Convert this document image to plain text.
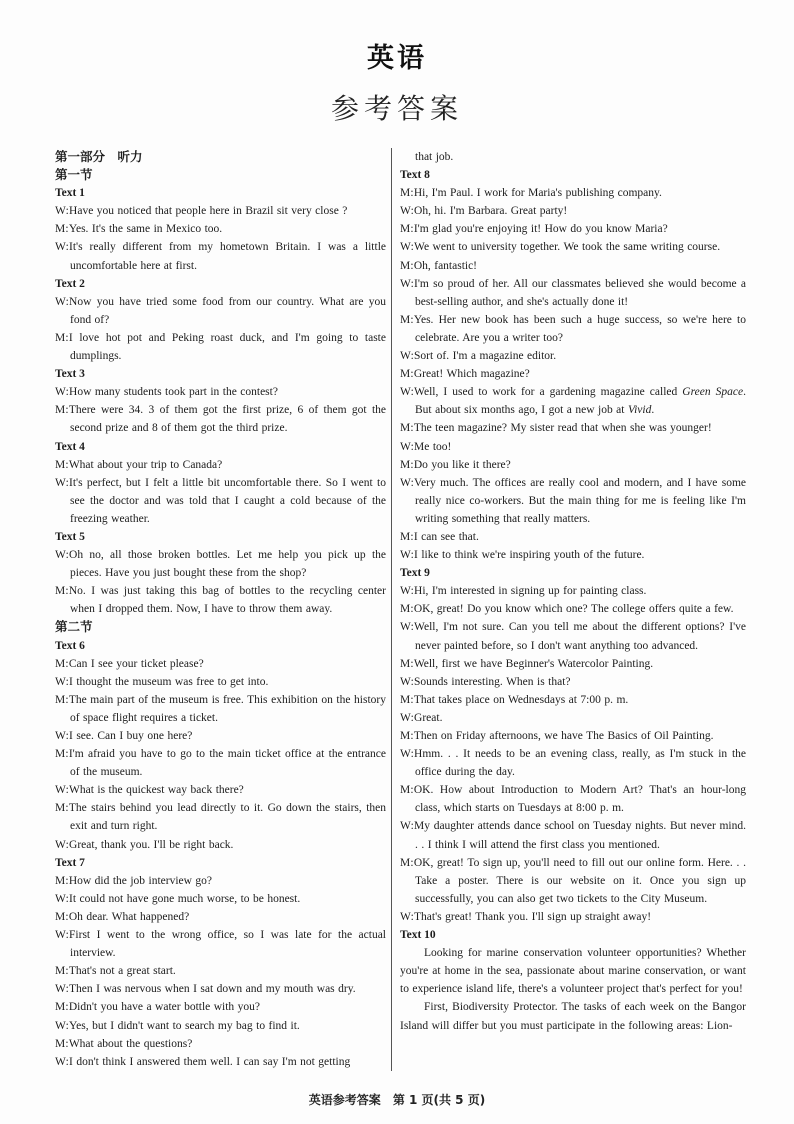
英语
参考答案
第一部分　听力
第一节
Text 1
W:Have you noticed that people here in Brazil sit very close ?
M:Yes. It's the same in Mexico too.
W:It's really different from my hometown Britain. I was a little uncomfortable here at first.
Text 2
W:Now you have tried some food from our country. What are you fond of?
M:I love hot pot and Peking roast duck, and I'm going to taste dumplings.
Text 3
W:How many students took part in the contest?
M:There were 34. 3 of them got the first prize, 6 of them got the second prize and 8 of them got the third prize.
Text 4
M:What about your trip to Canada?
W:It's perfect, but I felt a little bit uncomfortable there. So I went to see the doctor and was told that I caught a cold because of the freezing weather.
Text 5
W:Oh no, all those broken bottles. Let me help you pick up the pieces. Have you just bought these from the shop?
M:No. I was just taking this bag of bottles to the recycling center when I dropped them. Now, I have to throw them away.
第二节
Text 6
M:Can I see your ticket please?
W:I thought the museum was free to get into.
M:The main part of the museum is free. This exhibition on the history of space flight requires a ticket.
W:I see. Can I buy one here?
M:I'm afraid you have to go to the main ticket office at the entrance of the museum.
W:What is the quickest way back there?
M:The stairs behind you lead directly to it. Go down the stairs, then exit and turn right.
W:Great, thank you. I'll be right back.
Text 7
M:How did the job interview go?
W:It could not have gone much worse, to be honest.
M:Oh dear. What happened?
W:First I went to the wrong office, so I was late for the actual interview.
M:That's not a great start.
W:Then I was nervous when I sat down and my mouth was dry.
M:Didn't you have a water bottle with you?
W:Yes, but I didn't want to search my bag to find it.
M:What about the questions?
W:I don't think I answered them well. I can say I'm not getting
that job.
Text 8
M:Hi, I'm Paul. I work for Maria's publishing company.
W:Oh, hi. I'm Barbara. Great party!
M:I'm glad you're enjoying it! How do you know Maria?
W:We went to university together. We took the same writing course.
M:Oh, fantastic!
W:I'm so proud of her. All our classmates believed she would become a best-selling author, and she's actually done it!
M:Yes. Her new book has been such a huge success, so we're here to celebrate. Are you a writer too?
W:Sort of. I'm a magazine editor.
M:Great! Which magazine?
W:Well, I used to work for a gardening magazine called Green Space. But about six months ago, I got a new job at Vivid.
M:The teen magazine? My sister read that when she was younger!
W:Me too!
M:Do you like it there?
W:Very much. The offices are really cool and modern, and I have some really nice co-workers. But the main thing for me is feeling like I'm writing something that really matters.
M:I can see that.
W:I like to think we're inspiring youth of the future.
Text 9
W:Hi, I'm interested in signing up for painting class.
M:OK, great! Do you know which one? The college offers quite a few.
W:Well, I'm not sure. Can you tell me about the different options? I've never painted before, so I don't want anything too advanced.
M:Well, first we have Beginner's Watercolor Painting.
W:Sounds interesting. When is that?
M:That takes place on Wednesdays at 7:00 p. m.
W:Great.
M:Then on Friday afternoons, we have The Basics of Oil Painting.
W:Hmm. . . It needs to be an evening class, really, as I'm stuck in the office during the day.
M:OK. How about Introduction to Modern Art? That's an hour-long class, which starts on Tuesdays at 8:00 p. m.
W:My daughter attends dance school on Tuesday nights. But never mind. . . I think I will attend the first class you mentioned.
M:OK, great! To sign up, you'll need to fill out our online form. Here. . . Take a poster. There is our website on it. Once you sign up successfully, you can also get two tickets to the City Museum.
W:That's great! Thank you. I'll sign up straight away!
Text 10
Looking for marine conservation volunteer opportunities? Whether you're at home in the sea, passionate about marine conservation, or want to experience island life, there's a volunteer project that's perfect for you!
First, Biodiversity Protector. The tasks of each week on the Bangor Island will differ but you must participate in the following areas: Lion-
英语参考答案 第 1 页(共 5 页)
